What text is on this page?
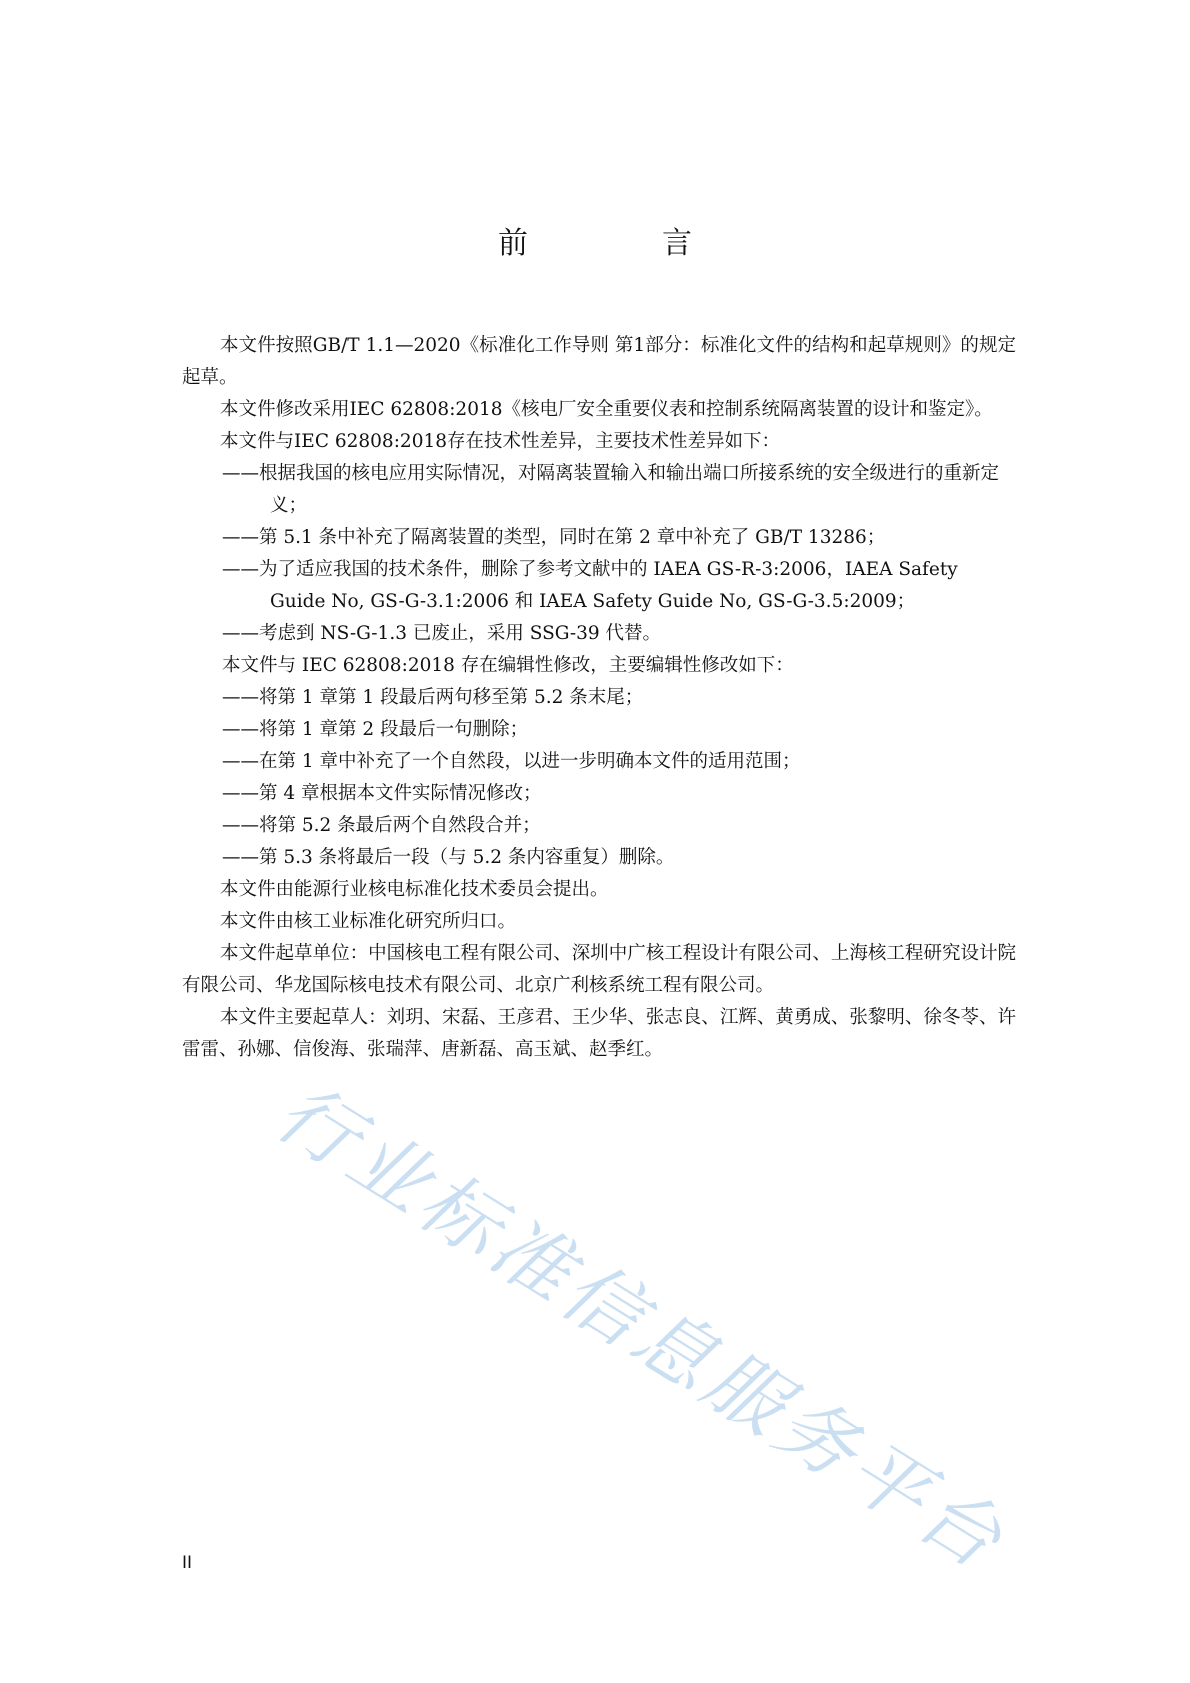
前　言

本文件按照GB/T 1.1—2020《标准化工作导则 第1部分：标准化文件的结构和起草规则》的规定起草。

本文件修改采用IEC 62808:2018《核电厂安全重要仪表和控制系统隔离装置的设计和鉴定》。

本文件与IEC 62808:2018存在技术性差异，主要技术性差异如下：

——根据我国的核电应用实际情况，对隔离装置输入和输出端口所接系统的安全级进行的重新定义；

——第 5.1 条中补充了隔离装置的类型，同时在第 2 章中补充了 GB/T 13286；

——为了适应我国的技术条件，删除了参考文献中的 IAEA GS-R-3:2006，IAEA Safety Guide No, GS-G-3.1:2006 和 IAEA Safety Guide No, GS-G-3.5:2009；

——考虑到 NS-G-1.3 已废止，采用 SSG-39 代替。

本文件与 IEC 62808:2018 存在编辑性修改，主要编辑性修改如下：

——将第 1 章第 1 段最后两句移至第 5.2 条末尾；

——将第 1 章第 2 段最后一句删除；

——在第 1 章中补充了一个自然段，以进一步明确本文件的适用范围；

——第 4 章根据本文件实际情况修改；

——将第 5.2 条最后两个自然段合并；

——第 5.3 条将最后一段（与 5.2 条内容重复）删除。

本文件由能源行业核电标准化技术委员会提出。

本文件由核工业标准化研究所归口。

本文件起草单位：中国核电工程有限公司、深圳中广核工程设计有限公司、上海核工程研究设计院有限公司、华龙国际核电技术有限公司、北京广利核系统工程有限公司。

本文件主要起草人：刘玥、宋磊、王彦君、王少华、张志良、江辉、黄勇成、张黎明、徐冬苓、许雷雷、孙娜、信俊海、张瑞萍、唐新磊、高玉斌、赵季红。

行业标准信息服务平台
II
